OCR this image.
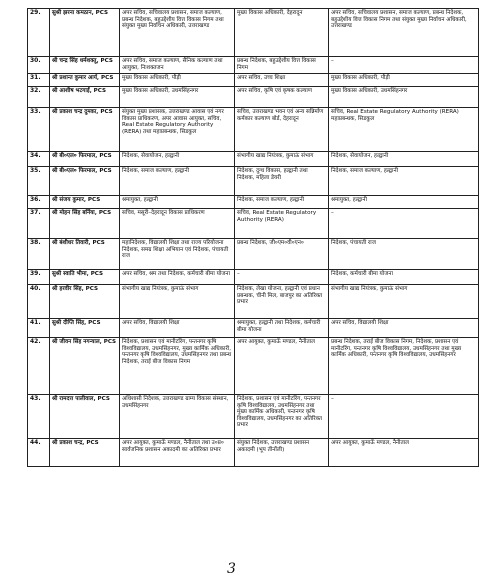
29.	सुश्री झरना कमठान, PCS	अपर सचिव, सचिवालय प्रशासन, समाज कल्याण, प्रबन्ध निदेशक, बहुउद्देशीय वित्त विकास निगम तथा संयुक्त मुख्य निर्वाचन अधिकारी, उत्तराखण्ड	मुख्य विकास अधिकारी, देहरादून	अपर सचिव, सचिवालय प्रशासन, समाज कल्याण, प्रबन्ध निदेशक, बहुउद्देशीय वित्त विकास निगम तथा संयुक्त मुख्य निर्वाचन अधिकारी, उत्तराखण्ड
30.	श्री चन्द्र सिंह धर्मशक्तू, PCS	अपर सचिव, समाज कल्याण, सैनिक कल्याण तथा आयुक्त, निःशक्तजन	प्रबन्ध निदेशक, बहुउद्देशीय वित्त विकास निगम	–
31.	श्री प्रशान्त कुमार आर्य, PCS	मुख्य विकास अधिकारी, पौड़ी	अपर सचिव, उच्च शिक्षा	मुख्य विकास अधिकारी, पौड़ी
32.	श्री आशीष भटगाईं, PCS	मुख्य विकास अधिकारी, उधमसिंहनगर	अपर सचिव, कृषि एवं कृषक कल्याण	मुख्य विकास अधिकारी, उधमसिंहनगर
33.	श्री प्रकाश चन्द्र दुमका, PCS	संयुक्त मुख्य प्रशासक, उत्तराखण्ड आवास एवं नगर विकास प्राधिकरण, अपर आवास आयुक्त, सचिव, Real Estate Regulatory Authority (RERA) तथा महाप्रबन्धक, सिडकुल	सचिव, उत्तराखण्ड भवन एवं अन्य सन्निर्माण कर्मकार कल्याण बोर्ड, देहरादून	सचिव, Real Estate Regulatory Authority (RERA) महाप्रबन्धक, सिडकुल
34.	श्री बी०एल० फिरमाल, PCS	निदेशक, सेवायोजन, हल्द्वानी	संभागीय खाद्य नियंत्रक, कुमाऊं संभाग	निदेशक, सेवायोजन, हल्द्वानी
35.	श्री बी०एल० फिरमाल, PCS	निदेशक, समाज कल्याण, हल्द्वानी	निदेशक, दुग्ध विकास, हल्द्वानी तथा निदेशक, महिला डेयरी	निदेशक, समाज कल्याण, हल्द्वानी
36.	श्री संजय कुमार, PCS	श्रमायुक्त, हल्द्वानी	निदेशक, समाज कल्याण, हल्द्वानी	श्रमायुक्त, हल्द्वानी
37.	श्री मोहन सिंह बर्निया, PCS	सचिव, मसूरी–देहरादून विकास प्राधिकरण	सचिव, Real Estate Regulatory Authority (RERA)	–
38.	श्री बंशीधर तिवारी, PCS	महानिदेशक, विद्यालयी शिक्षा तथा राज्य परियोजना निदेशक, समग्र शिक्षा अभियान एवं निदेशक, पंचायती राज	प्रबन्ध निदेशक, जी०एम०वी०एन०	निदेशक, पंचायती राज
39.	सुश्री स्वाति भीमा, PCS	अपर सचिव, श्रम तथा निदेशक, कर्मचारी बीमा योजना	–	निदेशक, कर्मचारी बीमा योजना
40.	श्री हरवीर सिंह, PCS	संभागीय खाद्य नियंत्रक, कुमाऊं संभाग	निदेशक, लेखा योजना, हल्द्वानी एवं प्रधान प्रबन्धक, चीनी मिल, बाजपुर का अतिरिक्त प्रभार	संभागीय खाद्य नियंत्रक, कुमाऊं संभाग
41.	सुश्री दीप्ति सिंह, PCS	अपर सचिव, विद्यालयी शिक्षा	श्रमायुक्त, हल्द्वानी तथा निदेशक, कर्मचारी बीमा योजना	अपर सचिव, विद्यालयी शिक्षा
42.	श्री जीवन सिंह नगन्याल, PCS	निदेशक, प्रशासन एवं मानीटरिंग, पन्तनगर कृषि विश्वविद्यालय, उधमसिंहनगर, मुख्य कार्मिक अधिकारी, पन्तनगर कृषि विश्वविद्यालय, उधमसिंहनगर तथा प्रबन्ध निदेशक, तराई बीज विकास निगम	अपर आयुक्त, कुमाऊँ मण्डल, नैनीताल	प्रबन्ध निदेशक, तराई बीज विकास निगम, निदेशक, प्रशासन एवं मानीटरिंग, पन्तनगर कृषि विश्वविद्यालय, उधमसिंहनगर तथा मुख्य कार्मिक अधिकारी, पन्तनगर कृषि विश्वविद्यालय, उधमसिंहनगर
43.	श्री रामदत्त पालीवाल, PCS	अधिशासी निदेशक, उत्तराखण्ड ग्राम्य विकास संस्थान, उधमसिंहनगर	निदेशक, प्रशासन एवं मानीटरिंग, पन्तनगर कृषि विश्वविद्यालय, उधमसिंहनगर तथा मुख्य कार्मिक अधिकारी, पन्तनगर कृषि विश्वविद्यालय, उधमसिंहनगर का अतिरिक्त प्रभार	–
44.	श्री प्रकाश चन्द्र, PCS	अपर आयुक्त, कुमाऊँ मण्डल, नैनीताल तथा उ०प्र० सार्वजनिक प्रशासन अकादमी का अतिरिक्त प्रभार	संयुक्त निदेशक, उत्तराखण्ड प्रशासन अकादमी (भूप तीनोंली)	अपर आयुक्त, कुमाऊँ मण्डल, नैनीताल
3
